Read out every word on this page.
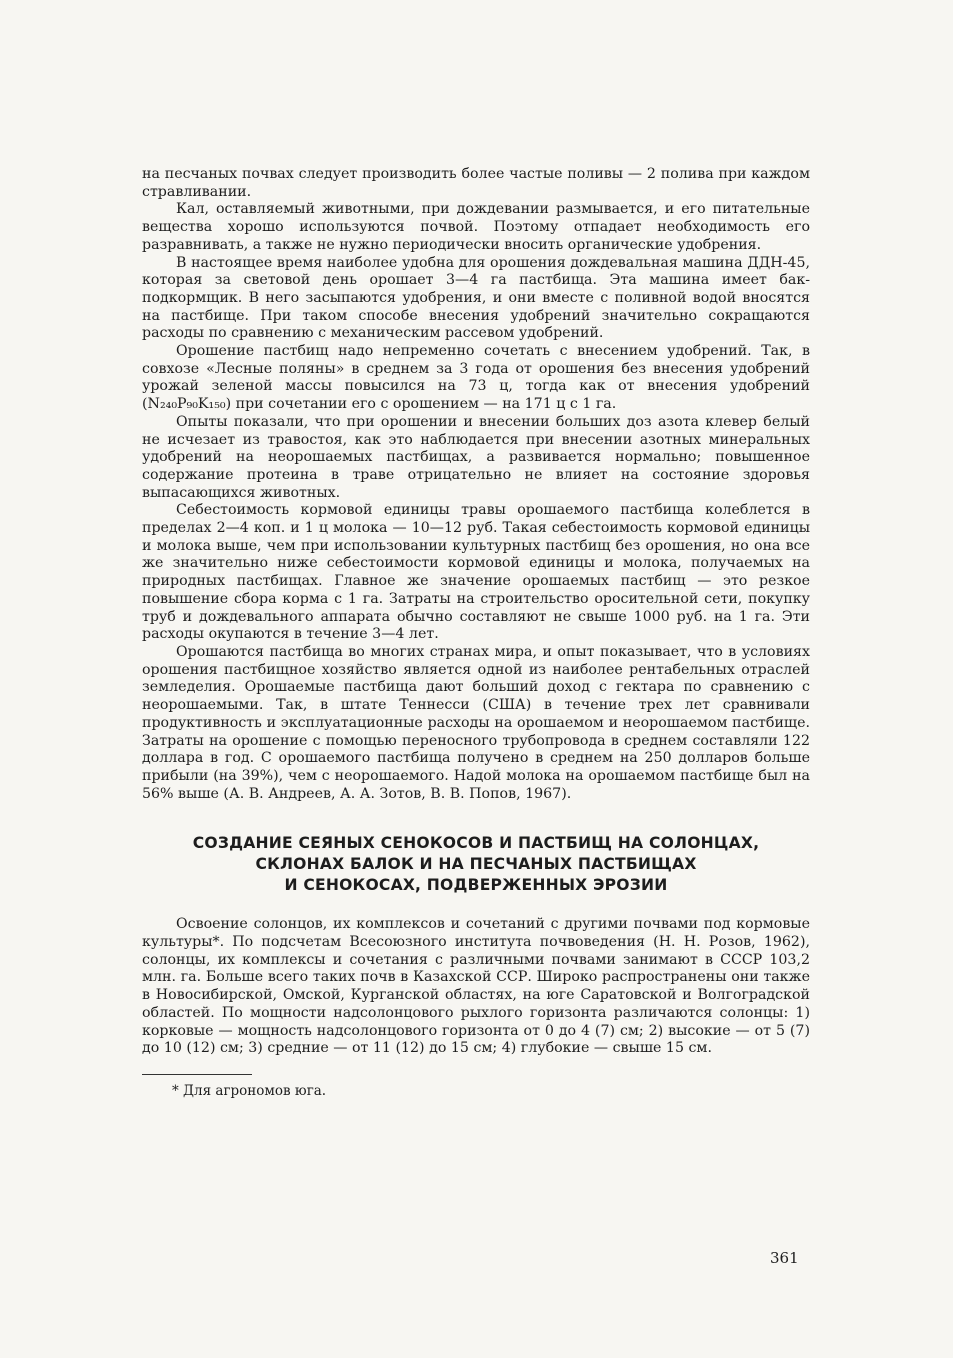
на песчаных почвах следует производить более частые поливы — 2 полива при каждом стравливании.

Кал, оставляемый животными, при дождевании размывается, и его питательные вещества хорошо используются почвой. Поэтому отпадает необходимость его разравнивать, а также не нужно периодически вносить органические удобрения.

В настоящее время наиболее удобна для орошения дождевальная машина ДДН-45, которая за световой день орошает 3—4 га пастбища. Эта машина имеет бак-подкормщик. В него засыпаются удобрения, и они вместе с поливной водой вносятся на пастбище. При таком способе внесения удобрений значительно сокращаются расходы по сравнению с механическим рассевом удобрений.

Орошение пастбищ надо непременно сочетать с внесением удобрений. Так, в совхозе «Лесные поляны» в среднем за 3 года от орошения без внесения удобрений урожай зеленой массы повысился на 73 ц, тогда как от внесения удобрений (N₂₄₀P₉₀K₁₅₀) при сочетании его с орошением — на 171 ц с 1 га.

Опыты показали, что при орошении и внесении больших доз азота клевер белый не исчезает из травостоя, как это наблюдается при внесении азотных минеральных удобрений на неорошаемых пастбищах, а развивается нормально; повышенное содержание протеина в траве отрицательно не влияет на состояние здоровья выпасающихся животных.

Себестоимость кормовой единицы травы орошаемого пастбища колеблется в пределах 2—4 коп. и 1 ц молока — 10—12 руб. Такая себестоимость кормовой единицы и молока выше, чем при использовании культурных пастбищ без орошения, но она все же значительно ниже себестоимости кормовой единицы и молока, получаемых на природных пастбищах. Главное же значение орошаемых пастбищ — это резкое повышение сбора корма с 1 га. Затраты на строительство оросительной сети, покупку труб и дождевального аппарата обычно составляют не свыше 1000 руб. на 1 га. Эти расходы окупаются в течение 3—4 лет.

Орошаются пастбища во многих странах мира, и опыт показывает, что в условиях орошения пастбищное хозяйство является одной из наиболее рентабельных отраслей земледелия. Орошаемые пастбища дают больший доход с гектара по сравнению с неорошаемыми. Так, в штате Теннесси (США) в течение трех лет сравнивали продуктивность и эксплуатационные расходы на орошаемом и неорошаемом пастбище. Затраты на орошение с помощью переносного трубопровода в среднем составляли 122 доллара в год. С орошаемого пастбища получено в среднем на 250 долларов больше прибыли (на 39%), чем с неорошаемого. Надой молока на орошаемом пастбище был на 56% выше (А. В. Андреев, А. А. Зотов, В. В. Попов, 1967).

СОЗДАНИЕ СЕЯНЫХ СЕНОКОСОВ И ПАСТБИЩ НА СОЛОНЦАХ,
СКЛОНАХ БАЛОК И НА ПЕСЧАНЫХ ПАСТБИЩАХ
И СЕНОКОСАХ, ПОДВЕРЖЕННЫХ ЭРОЗИИ

Освоение солонцов, их комплексов и сочетаний с другими почвами под кормовые культуры*. По подсчетам Всесоюзного института почвоведения (Н. Н. Розов, 1962), солонцы, их комплексы и сочетания с различными почвами занимают в СССР 103,2 млн. га. Больше всего таких почв в Казахской ССР. Широко распространены они также в Новосибирской, Омской, Курганской областях, на юге Саратовской и Волгоградской областей. По мощности надсолонцового рыхлого горизонта различаются солонцы: 1) корковые — мощность надсолонцового горизонта от 0 до 4 (7) см; 2) высокие — от 5 (7) до 10 (12) см; 3) средние — от 11 (12) до 15 см; 4) глубокие — свыше 15 см.

* Для агрономов юга.

361
